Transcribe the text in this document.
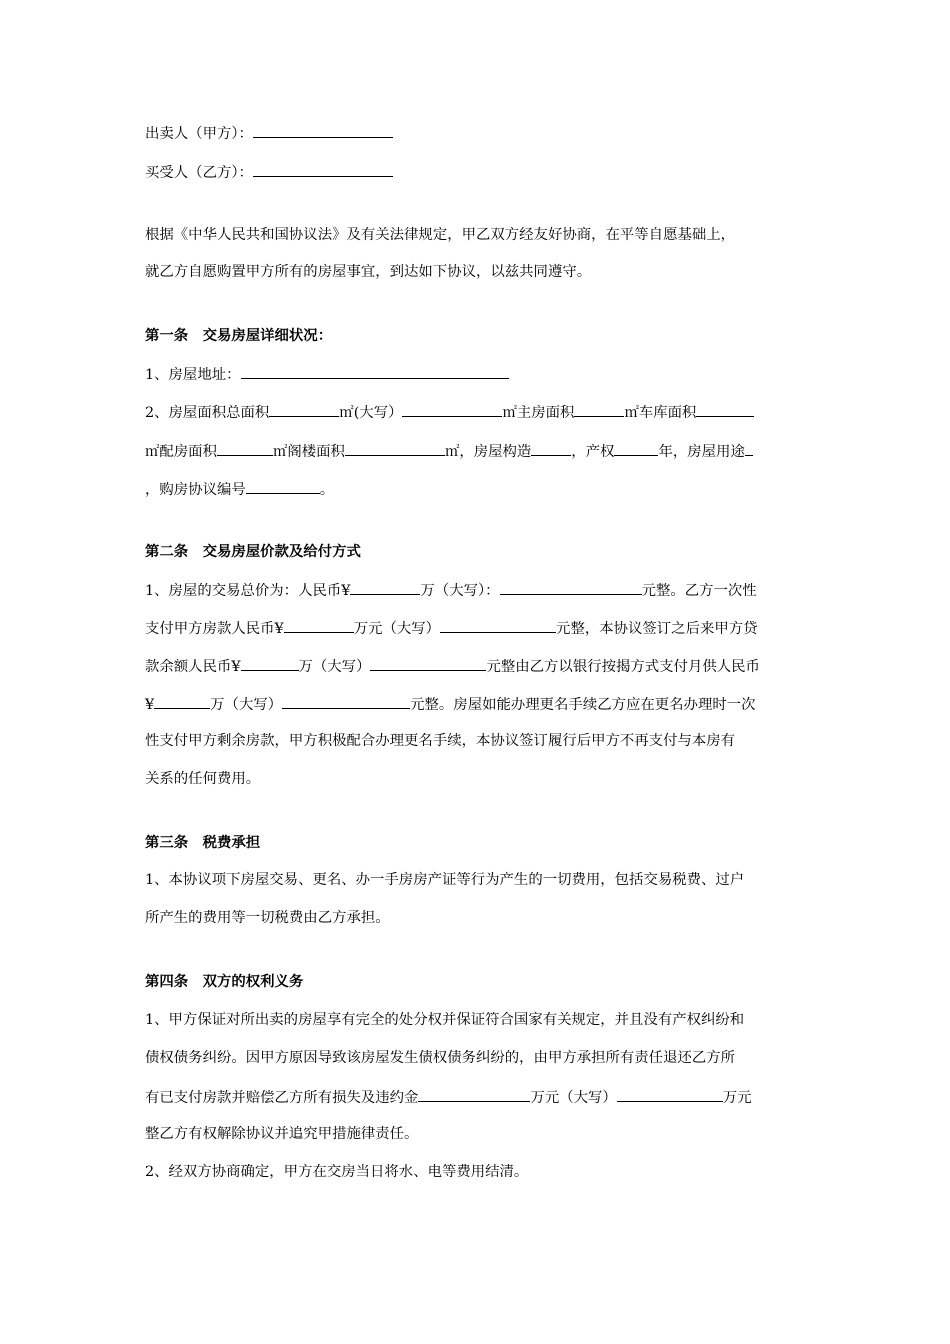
出卖人（甲方）：
买受人（乙方）：
根据《中华人民共和国协议法》及有关法律规定，甲乙双方经友好协商，在平等自愿基础上，
就乙方自愿购置甲方所有的房屋事宜，到达如下协议，以兹共同遵守。
第一条　交易房屋详细状况：
1、房屋地址：
2、房屋面积总面积	㎡(大写）	㎡主房面积	㎡车库面积
㎡配房面积	㎡阁楼面积	㎡，房屋构造	，产权	年，房屋用途
，购房协议编号	。
第二条　交易房屋价款及给付方式
1、房屋的交易总价为：人民币¥	万（大写）：	元整。乙方一次性
支付甲方房款人民币¥	万元（大写）	元整，本协议签订之后来甲方贷
款余额人民币¥	万（大写）	元整由乙方以银行按揭方式支付月供人民币
¥	万（大写）	元整。房屋如能办理更名手续乙方应在更名办理时一次
性支付甲方剩余房款，甲方积极配合办理更名手续，本协议签订履行后甲方不再支付与本房有
关系的任何费用。
第三条　税费承担
1、本协议项下房屋交易、更名、办一手房房产证等行为产生的一切费用，包括交易税费、过户
所产生的费用等一切税费由乙方承担。
第四条　双方的权利义务
1、甲方保证对所出卖的房屋享有完全的处分权并保证符合国家有关规定，并且没有产权纠纷和
债权债务纠纷。因甲方原因导致该房屋发生债权债务纠纷的，由甲方承担所有责任退还乙方所
有已支付房款并赔偿乙方所有损失及违约金	万元（大写）	万元
整乙方有权解除协议并追究甲措施律责任。
2、经双方协商确定，甲方在交房当日将水、电等费用结清。
